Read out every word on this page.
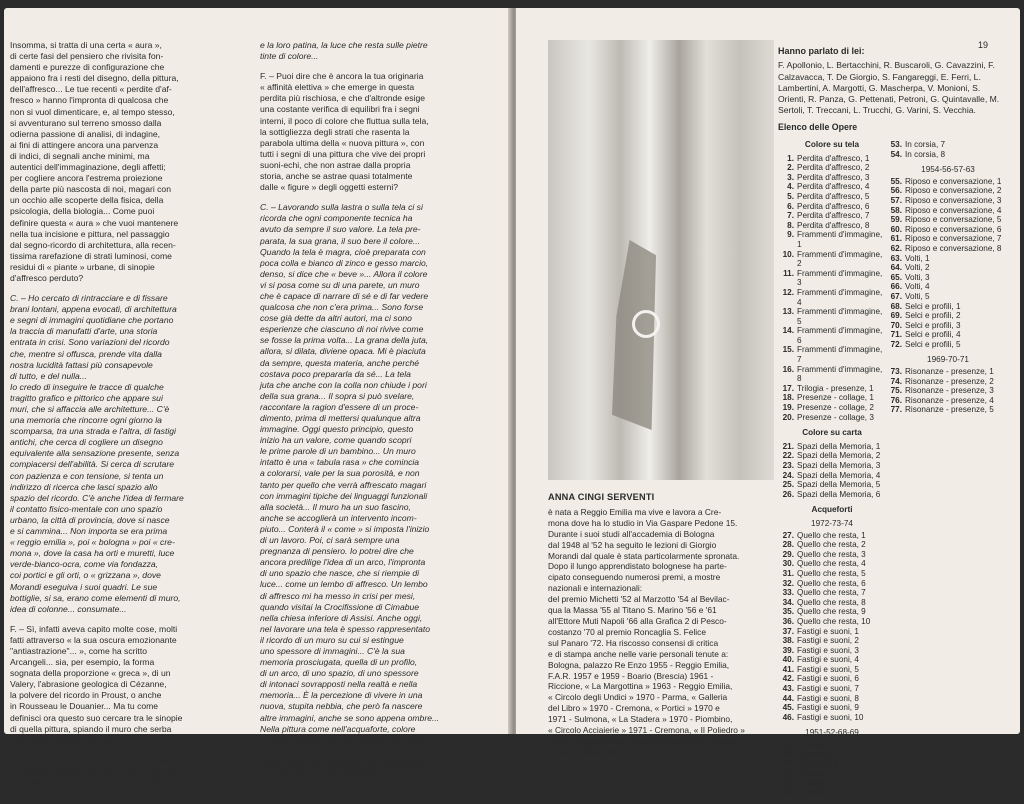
Insomma, si tratta di una certa « aura »,
di certe fasi del pensiero che rivisita fon-
damenti e purezze di configurazione che
appaiono fra i resti del disegno, della pittura,
dell'affresco... Le tue recenti « perdite d'af-
fresco » hanno l'impronta di qualcosa che
non si vuol dimenticare, e, al tempo stesso,
si avventurano sul terreno smosso dalla
odierna passione di analisi, di indagine,
ai fini di attingere ancora una parvenza
di indici, di segnali anche minimi, ma
autentici dell'immaginazione, degli affetti;
per cogliere ancora l'estrema proiezione
della parte più nascosta di noi, magari con
un occhio alle scoperte della fisica, della
psicologia, della biologia... Come puoi
definire questa « aura » che vuoi mantenere
nella tua incisione e pittura, nel passaggio
dal segno-ricordo di architettura, alla recen-
tissima rarefazione di strati luminosi, come
residui di « piante » urbane, di sinopie
d'affresco perduto?

C. – Ho cercato di rintracciare e di fissare
brani lontani, appena evocati, di architettura
e segni di immagini quotidiane che portano
la traccia di manufatti d'arte, una storia
entrata in crisi. Sono variazioni del ricordo
che, mentre si offusca, prende vita dalla
nostra lucidità fattasi più consapevole
di tutto, e del nulla...
Io credo di inseguire le tracce di qualche
tragitto grafico e pittorico che appare sui
muri, che si affaccia alle architetture... C'è
una memoria che rincorre ogni giorno la
scomparsa, tra una strada e l'altra, di fastigi
antichi, che cerca di cogliere un disegno
equivalente alla sensazione presente, senza
compiacersi dell'abilità. Si cerca di scrutare
con pazienza e con tensione, si tenta un
indirizzo di ricerca che lasci spazio allo
spazio del ricordo. C'è anche l'idea di fermare
il contatto fisico-mentale con uno spazio
urbano, la città di provincia, dove si nasce
e si cammina... Non importa se era prima
« reggio emilia », poi « bologna » poi « cre-
mona », dove la casa ha orti e muretti, luce
verde-bianco-ocra, come via fondazza,
coi portici e gli orti, o « grizzana », dove
Morandi eseguiva i suoi quadri. Le sue
bottiglie, si sa, erano come elementi di muro,
idea di colonne... consumate...

F. – Sì, infatti aveva capito molte cose, molti
fatti attraverso « la sua oscura emozionante
"antiastrazione"... », come ha scritto
Arcangeli... sia, per esempio, la forma
sognata della proporzione « greca », di un
Valery, l'abrasione geologica di Cézanne,
la polvere del ricordo in Proust, o anche
in Rousseau le Douanier... Ma tu come
definisci ora questo suo cercare tra le sinopie
di quella pittura, spiando il muro che serba
solo tracce, poche impronte?...

C. – Sono ancora i muri di provincia italiana,
ma anche europea, terrestre, che mi hanno
interessato da sempre... la loro porosità

e la loro patina, la luce che resta sulle pietre
tinte di colore...

F. – Puoi dire che è ancora la tua originaria
« affinità elettiva » che emerge in questa
perdita più rischiosa, e che d'altronde esige
una costante verifica di equilibri fra i segni
interni, il poco di colore che fluttua sulla tela,
la sottigliezza degli strati che rasenta la
parabola ultima della « nuova pittura », con
tutti i segni di una pittura che vive dei propri
suoni-echi, che non astrae dalla propria
storia, anche se astrae quasi totalmente
dalle « figure » degli oggetti esterni?

C. – Lavorando sulla lastra o sulla tela ci si
ricorda che ogni componente tecnica ha
avuto da sempre il suo valore. La tela pre-
parata, la sua grana, il suo bere il colore...
Quando la tela è magra, cioè preparata con
poca colla e bianco di zinco e gesso marcio,
denso, si dice che « beve »... Allora il colore
vi si posa come su di una parete, un muro
che è capace di narrare di sé e di far vedere
qualcosa che non c'era prima... Sono forse
cose già dette da altri autori, ma ci sono
esperienze che ciascuno di noi rivive come
se fosse la prima volta... La grana della juta,
allora, si dilata, diviene opaca. Mi è piaciuta
da sempre, questa materia, anche perché
costava poco prepararla da sé... La tela
juta che anche con la colla non chiude i pori
della sua grana... Il sopra si può svelare,
raccontare la ragion d'essere di un proce-
dimento, prima di mettersi qualunque altra
immagine. Oggi questo principio, questo
inizio ha un valore, come quando scopri
le prime parole di un bambino... Un muro
intatto è una « tabula rasa » che comincia
a colorarsi, vale per la sua porosità, e non
tanto per quello che verrà affrescato magari
con immagini tipiche dei linguaggi funzionali
alla società... Il muro ha un suo fascino,
anche se accoglierà un intervento incom-
piuto... Conterà il « come » si imposta l'inizio
di un lavoro. Poi, ci sarà sempre una
pregnanza di pensiero. Io potrei dire che
ancora predilige l'idea di un arco, l'impronta
di uno spazio che nasce, che si riempie di
luce... come un lembo di affresco. Un lembo
di affresco mi ha messo in crisi per mesi,
quando visitai la Crocifissione di Cimabue
nella chiesa inferiore di Assisi. Anche oggi,
nel lavorare una tela è spesso rappresentato
il ricordo di un muro su cui si estingue
uno spessore di immagini... C'è la sua
memoria prosciugata, quella di un profilo,
di un arco, di uno spazio, di uno spessore
di intonaci sovrapposti nella realtà e nella
memoria... È la percezione di vivere in una
nuova, stupita nebbia, che però fa nascere
altre immagini, anche se sono appena ombre...
Nella pittura come nell'acquaforte, colore
e segno seguono itinerari, profili, resti porosi
di muri, di strumenti musicali simili ad altri
fastigi usciti dalle botteghe degli intagliatori,
de « picapreda », dei frescanti...

ANNA CINGI SERVENTI

è nata a Reggio Emilia ma vive e lavora a Cre-
mona dove ha lo studio in Via Gaspare Pedone 15.
Durante i suoi studi all'accademia di Bologna
dal 1948 al '52 ha seguito le lezioni di Giorgio
Morandi dal quale è stata particolarmente spronata.
Dopo il lungo apprendistato bolognese ha parte-
cipato conseguendo numerosi premi, a mostre
nazionali e internazionali:
del premio Michetti '52 al Marzotto '54 al Bevilac-
qua la Massa '55 al Titano S. Marino '56 e '61
all'Ettore Muti Napoli '66 alla Grafica 2 di Pesco-
costanzo '70 al premio Roncaglia S. Felice
sul Panaro '72. Ha riscosso consensi di critica
e di stampa anche nelle varie personali tenute a:
Bologna, palazzo Re Enzo 1955 - Reggio Emilia,
F.A.R. 1957 e 1959 - Boario (Brescia) 1961 -
Riccione, « La Margottina » 1963 - Reggio Emilia,
« Circolo degli Undici » 1970 - Parma, « Galleria
del Libro » 1970 - Cremona, « Portici » 1970 e
1971 - Sulmona, « La Stadera » 1970 - Piombino,
« Circolo Acciaierie » 1971 - Cremona, « Il Poliedro »
1973 - Reggio Emilia, Palazzo Gabbi 1974 - Roma,
Incontro d'Arte, 1975.

19
Hanno parlato di lei:

F. Apollonio, L. Bertacchini, R. Buscaroli, G. Cavazzini, F. Calzavacca, T. De Giorgio, S. Fangareggi, E. Ferri, L. Lambertini, A. Margotti, G. Mascherpa, V. Monioni, S. Orienti, R. Panza, G. Pettenati, Petroni, G. Quintavalle, M. Sertoli, T. Treccani, L. Trucchi, G. Varini, S. Vecchia.

Elenco delle Opere
Colore su tela
1. Perdita d'affresco, 1
2. Perdita d'affresco, 2
3. Perdita d'affresco, 3
4. Perdita d'affresco, 4
5. Perdita d'affresco, 5
6. Perdita d'affresco, 6
7. Perdita d'affresco, 7
8. Perdita d'affresco, 8
9. Frammenti d'immagine, 1
10. Frammenti d'immagine, 2
11. Frammenti d'immagine, 3
12. Frammenti d'immagine, 4
13. Frammenti d'immagine, 5
14. Frammenti d'immagine, 6
15. Frammenti d'immagine, 7
16. Frammenti d'immagine, 8
17. Trilogia - presenze, 1
18. Presenze - collage, 1
19. Presenze - collage, 2
20. Presenze - collage, 3
Colore su carta
21. Spazi della Memoria, 1
22. Spazi della Memoria, 2
23. Spazi della Memoria, 3
24. Spazi della Memoria, 4
25. Spazi della Memoria, 5
26. Spazi della Memoria, 6
Acqueforti
1972-73-74
27. Quello che resta, 1
28. Quello che resta, 2
29. Quello che resta, 3
30. Quello che resta, 4
31. Quello che resta, 5
32. Quello che resta, 6
33. Quello che resta, 7
34. Quello che resta, 8
35. Quello che resta, 9
36. Quello che resta, 10
37. Fastigi e suoni, 1
38. Fastigi e suoni, 2
39. Fastigi e suoni, 3
40. Fastigi e suoni, 4
41. Fastigi e suoni, 5
42. Fastigi e suoni, 6
43. Fastigi e suoni, 7
44. Fastigi e suoni, 8
45. Fastigi e suoni, 9
46. Fastigi e suoni, 10
1951-52-68-69
47. In corsia, 1
48. In corsia, 2
49. In corsia, 3
50. In corsia, 4
51. In corsia, 5
52. In corsia, 6
53. In corsia, 7
54. In corsia, 8
1954-56-57-63
55. Riposo e conversazione, 1
56. Riposo e conversazione, 2
57. Riposo e conversazione, 3
58. Riposo e conversazione, 4
59. Riposo e conversazione, 5
60. Riposo e conversazione, 6
61. Riposo e conversazione, 7
62. Riposo e conversazione, 8
63. Volti, 1
64. Volti, 2
65. Volti, 3
66. Volti, 4
67. Volti, 5
68. Selci e profili, 1
69. Selci e profili, 2
70. Selci e profili, 3
71. Selci e profili, 4
72. Selci e profili, 5
1969-70-71
73. Risonanze - presenze, 1
74. Risonanze - presenze, 2
75. Risonanze - presenze, 3
76. Risonanze - presenze, 4
77. Risonanze - presenze, 5
